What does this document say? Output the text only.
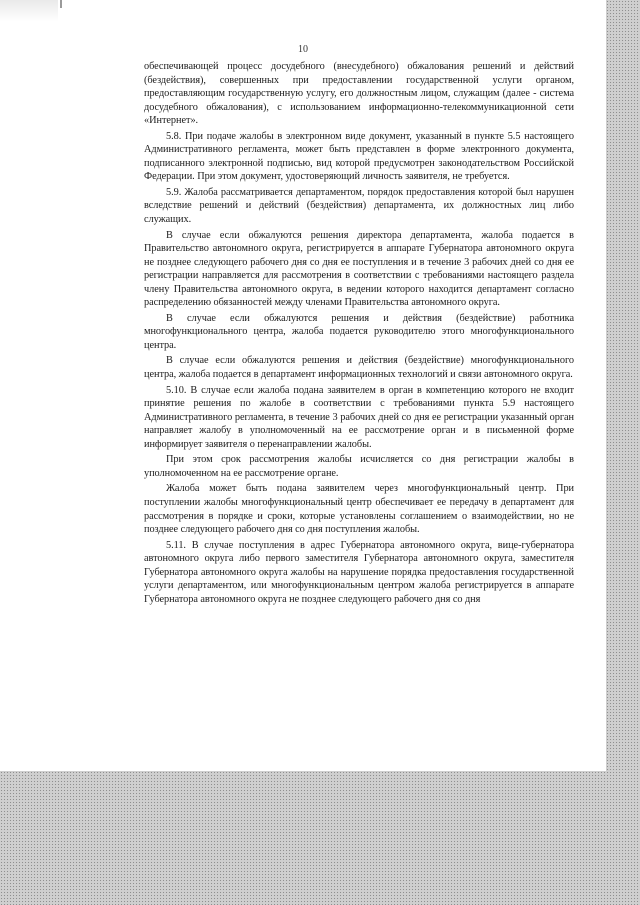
10

обеспечивающей процесс досудебного (внесудебного) обжалования решений и действий (бездействия), совершенных при предоставлении государственной услуги органом, предоставляющим государственную услугу, его должностным лицом, служащим (далее - система досудебного обжалования), с использованием информационно-телекоммуникационной сети «Интернет».

5.8. При подаче жалобы в электронном виде документ, указанный в пункте 5.5 настоящего Административного регламента, может быть представлен в форме электронного документа, подписанного электронной подписью, вид которой предусмотрен законодательством Российской Федерации. При этом документ, удостоверяющий личность заявителя, не требуется.

5.9. Жалоба рассматривается департаментом, порядок предоставления которой был нарушен вследствие решений и действий (бездействия) департамента, их должностных лиц либо служащих.

В случае если обжалуются решения директора департамента, жалоба подается в Правительство автономного округа, регистрируется в аппарате Губернатора автономного округа не позднее следующего рабочего дня со дня ее поступления и в течение 3 рабочих дней со дня ее регистрации направляется для рассмотрения в соответствии с требованиями настоящего раздела члену Правительства автономного округа, в ведении которого находится департамент согласно распределению обязанностей между членами Правительства автономного округа.

В случае если обжалуются решения и действия (бездействие) работника многофункционального центра, жалоба подается руководителю этого многофункционального центра.

В случае если обжалуются решения и действия (бездействие) многофункционального центра, жалоба подается в департамент информационных технологий и связи автономного округа.

5.10. В случае если жалоба подана заявителем в орган в компетенцию которого не входит принятие решения по жалобе в соответствии с требованиями пункта 5.9 настоящего Административного регламента, в течение 3 рабочих дней со дня ее регистрации указанный орган направляет жалобу в уполномоченный на ее рассмотрение орган и в письменной форме информирует заявителя о перенаправлении жалобы.

При этом срок рассмотрения жалобы исчисляется со дня регистрации жалобы в уполномоченном на ее рассмотрение органе.

Жалоба может быть подана заявителем через многофункциональный центр. При поступлении жалобы многофункциональный центр обеспечивает ее передачу в департамент для рассмотрения в порядке и сроки, которые установлены соглашением о взаимодействии, но не позднее следующего рабочего дня со дня поступления жалобы.

5.11. В случае поступления в адрес Губернатора автономного округа, вице-губернатора автономного округа либо первого заместителя Губернатора автономного округа, заместителя Губернатора автономного округа жалобы на нарушение порядка предоставления государственной услуги департаментом, или многофункциональным центром жалоба регистрируется в аппарате Губернатора автономного округа не позднее следующего рабочего дня со дня
